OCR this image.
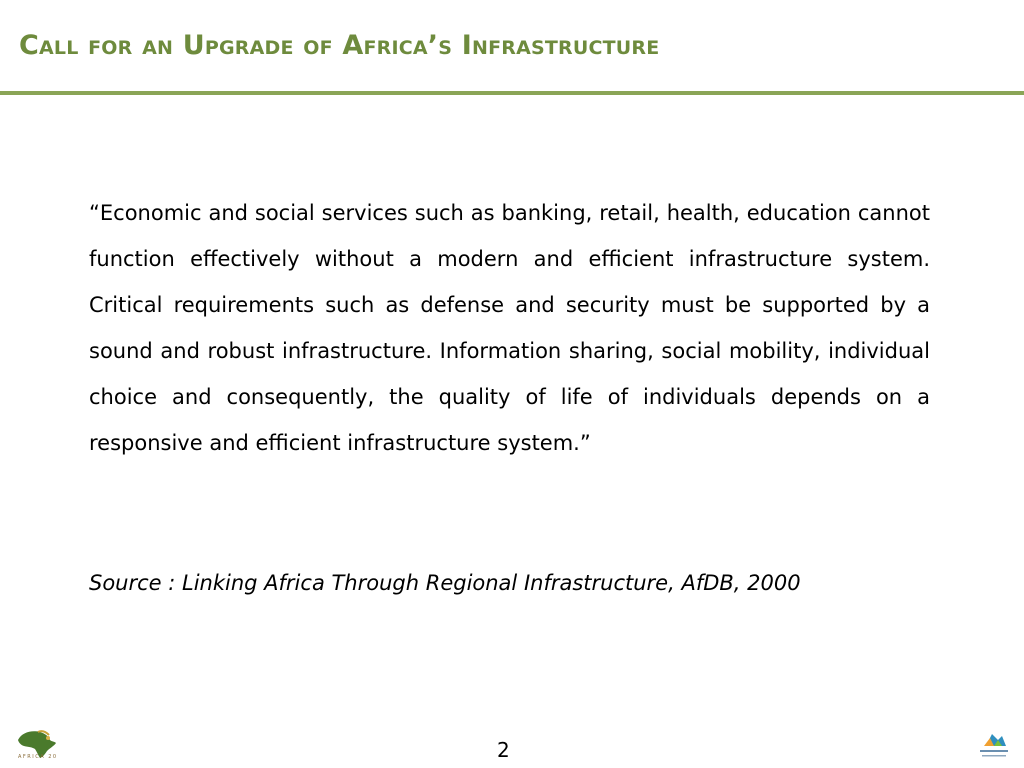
Call for an Upgrade of Africa’s Infrastructure

“Economic and social services such as banking, retail, health, education cannot function effectively without a modern and efficient infrastructure system. Critical requirements such as defense and security must be supported by a sound and robust infrastructure. Information sharing, social mobility, individual choice and consequently, the quality of life of individuals depends on a responsive and efficient infrastructure system.”

Source : Linking Africa Through Regional Infrastructure, AfDB, 2000

2
AFRICA 20
